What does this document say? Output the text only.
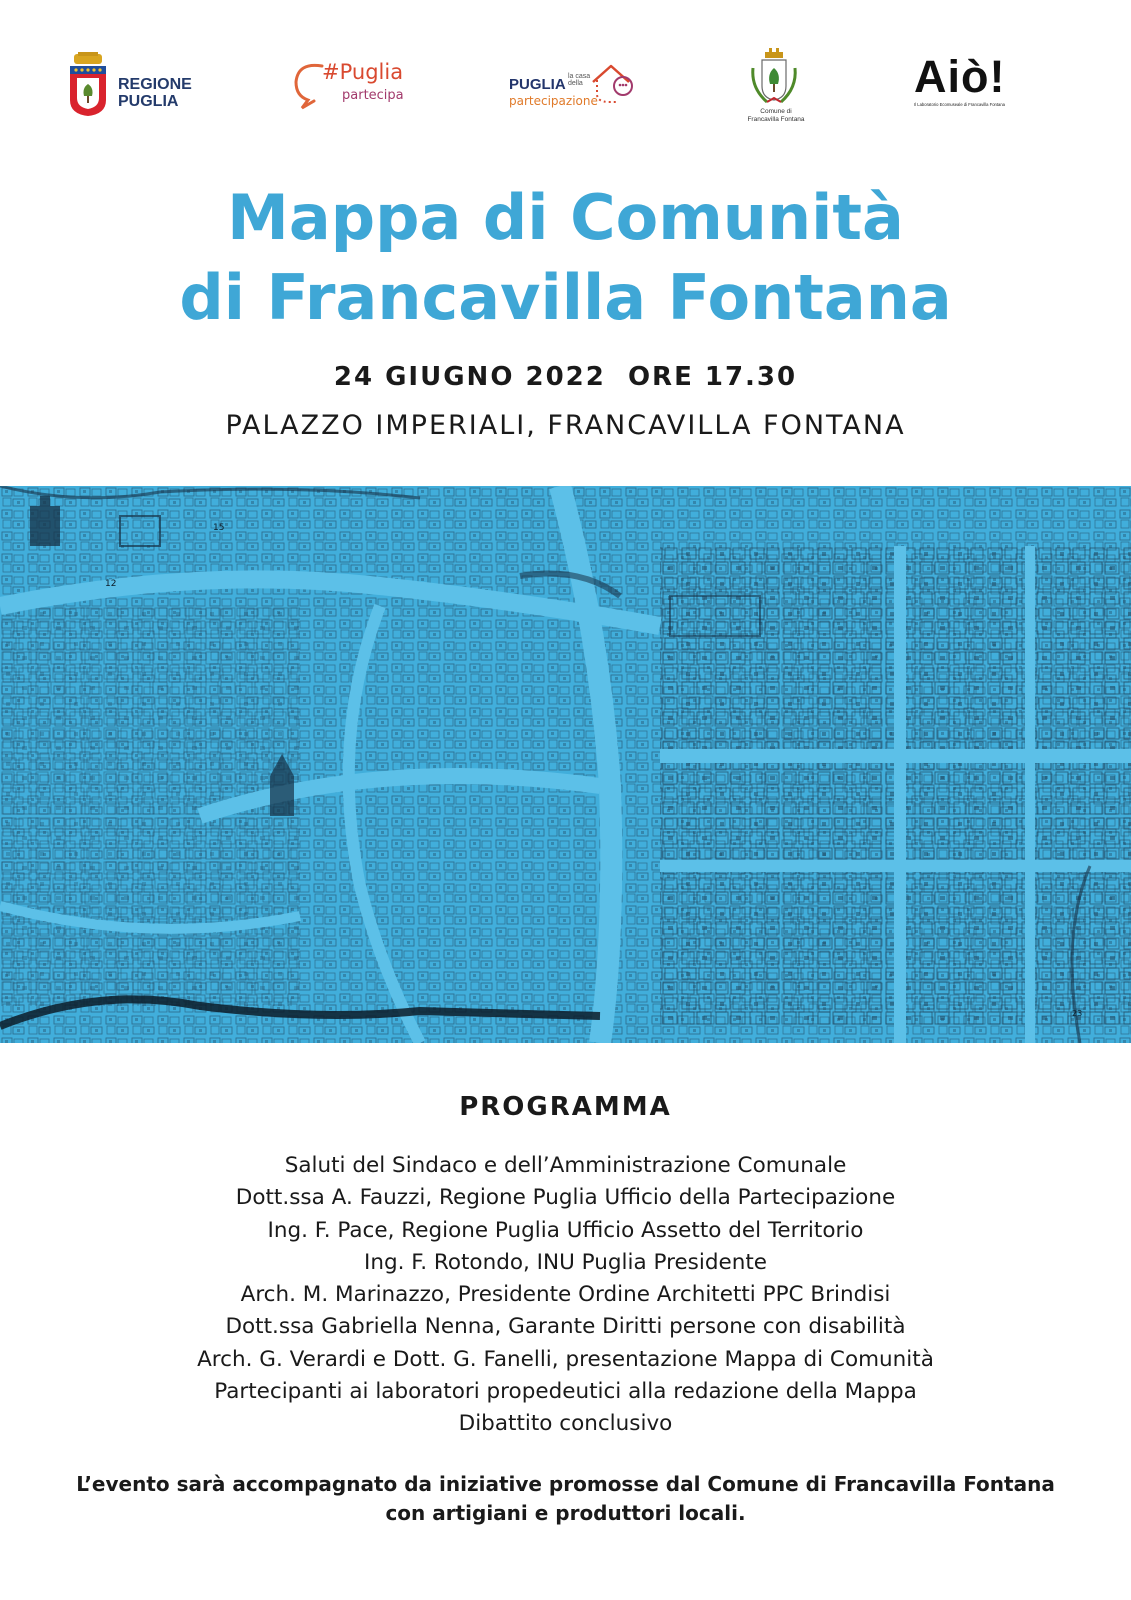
REGIONE
PUGLIA
#Puglia
partecipa
PUGLIA la casa
della
partecipazione
Comune di
Francavilla Fontana
Aiò!
Il Laboratorio Ecomuseale di Francavilla Fontana
Mappa di Comunità
di Francavilla Fontana
24 GIUGNO 2022  ORE 17.30
PALAZZO IMPERIALI, FRANCAVILLA FONTANA
15
12
23
PROGRAMMA
Saluti del Sindaco e dell’Amministrazione Comunale
Dott.ssa A. Fauzzi, Regione Puglia Ufficio della Partecipazione
Ing. F. Pace, Regione Puglia Ufficio Assetto del Territorio
Ing. F. Rotondo, INU Puglia Presidente
Arch. M. Marinazzo, Presidente Ordine Architetti PPC Brindisi
Dott.ssa Gabriella Nenna, Garante Diritti persone con disabilità
Arch. G. Verardi e Dott. G. Fanelli, presentazione Mappa di Comunità
Partecipanti ai laboratori propedeutici alla redazione della Mappa
Dibattito conclusivo
L’evento sarà accompagnato da iniziative promosse dal Comune di Francavilla Fontana
con artigiani e produttori locali.
